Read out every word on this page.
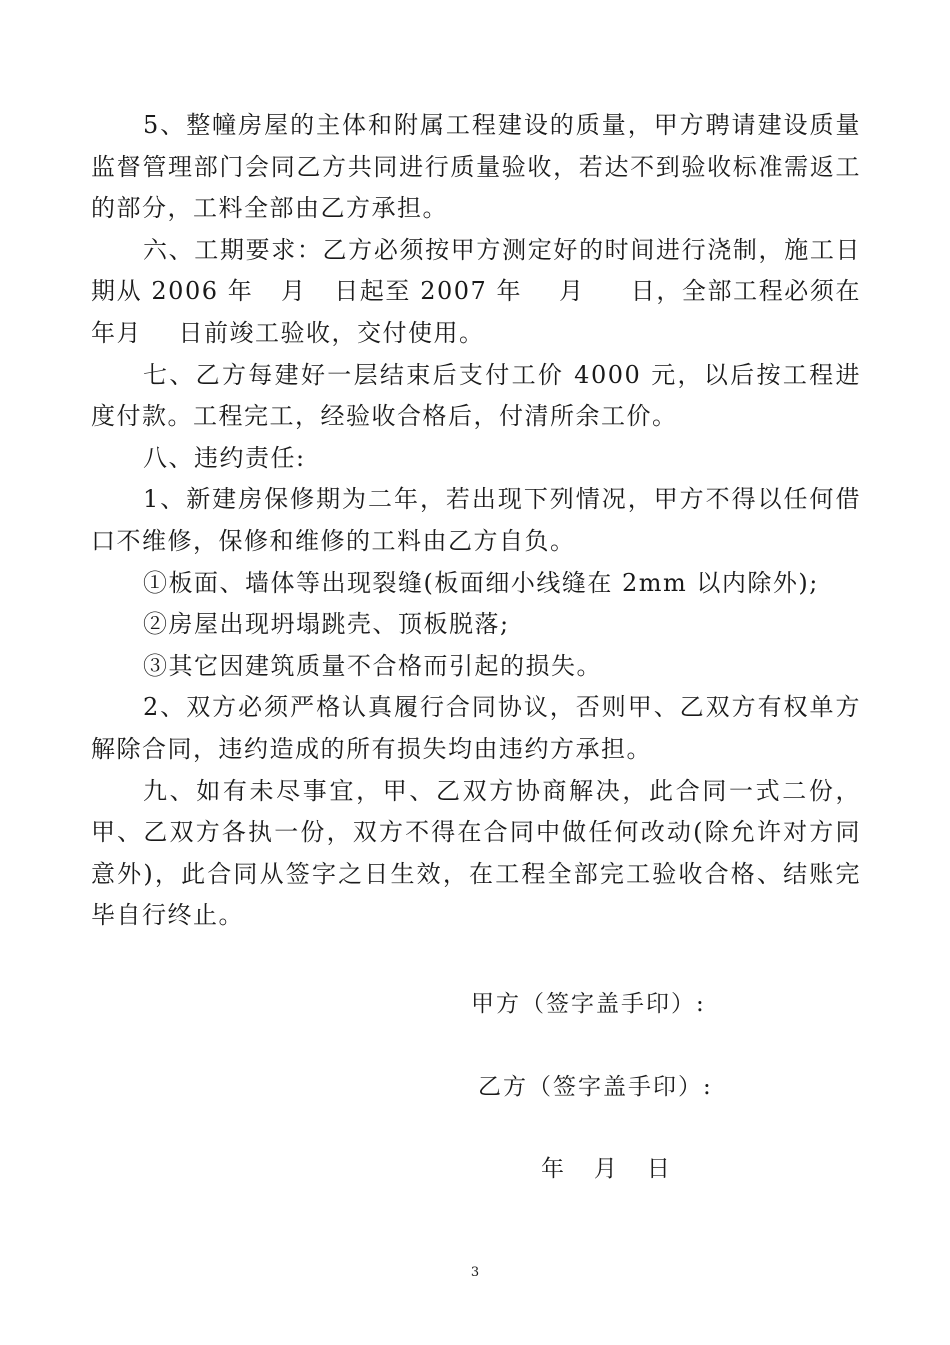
5、整幢房屋的主体和附属工程建设的质量，甲方聘请建设质量监督管理部门会同乙方共同进行质量验收，若达不到验收标准需返工的部分，工料全部由乙方承担。

六、工期要求：乙方必须按甲方测定好的时间进行浇制，施工日期从 2006 年   月   日起至 2007 年    月     日，全部工程必须在   年月    日前竣工验收，交付使用。

七、乙方每建好一层结束后支付工价 4000 元，以后按工程进度付款。工程完工，经验收合格后，付清所余工价。

八、违约责任:

1、新建房保修期为二年，若出现下列情况，甲方不得以任何借口不维修，保修和维修的工料由乙方自负。

①板面、墙体等出现裂缝(板面细小线缝在 2mm 以内除外);

②房屋出现坍塌跳壳、顶板脱落;

③其它因建筑质量不合格而引起的损失。

2、双方必须严格认真履行合同协议，否则甲、乙双方有权单方解除合同，违约造成的所有损失均由违约方承担。

九、如有未尽事宜，甲、乙双方协商解决，此合同一式二份，甲、乙双方各执一份，双方不得在合同中做任何改动(除允许对方同意外)，此合同从签字之日生效，在工程全部完工验收合格、结账完毕自行终止。

甲方（签字盖手印）:
乙方（签字盖手印）:
年   月   日
3
